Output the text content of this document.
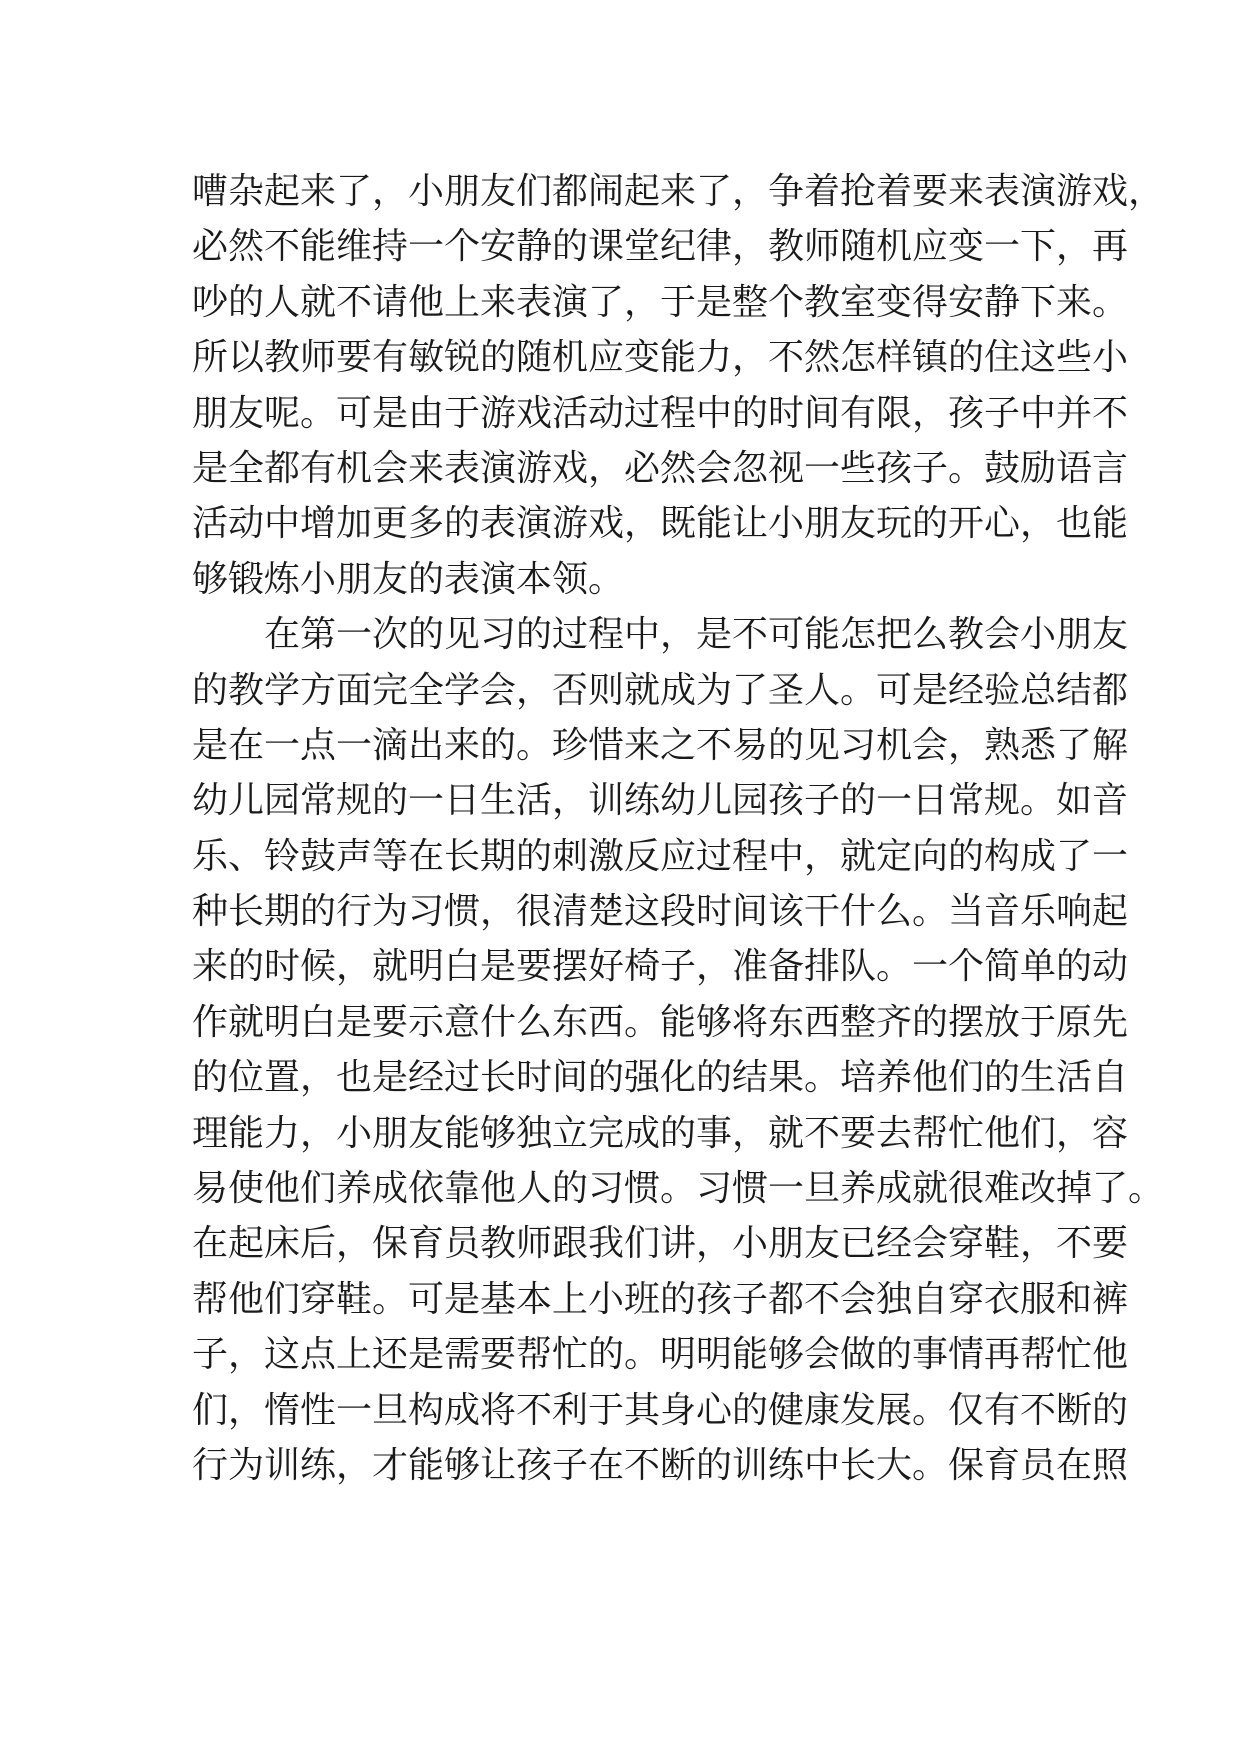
嘈杂起来了，小朋友们都闹起来了，争着抢着要来表演游戏，
必然不能维持一个安静的课堂纪律，教师随机应变一下，再
吵的人就不请他上来表演了，于是整个教室变得安静下来。
所以教师要有敏锐的随机应变能力，不然怎样镇的住这些小
朋友呢。可是由于游戏活动过程中的时间有限，孩子中并不
是全都有机会来表演游戏，必然会忽视一些孩子。鼓励语言
活动中增加更多的表演游戏，既能让小朋友玩的开心，也能
够锻炼小朋友的表演本领。
在第一次的见习的过程中，是不可能怎把么教会小朋友
的教学方面完全学会，否则就成为了圣人。可是经验总结都
是在一点一滴出来的。珍惜来之不易的见习机会，熟悉了解
幼儿园常规的一日生活，训练幼儿园孩子的一日常规。如音
乐、铃鼓声等在长期的刺激反应过程中，就定向的构成了一
种长期的行为习惯，很清楚这段时间该干什么。当音乐响起
来的时候，就明白是要摆好椅子，准备排队。一个简单的动
作就明白是要示意什么东西。能够将东西整齐的摆放于原先
的位置，也是经过长时间的强化的结果。培养他们的生活自
理能力，小朋友能够独立完成的事，就不要去帮忙他们，容
易使他们养成依靠他人的习惯。习惯一旦养成就很难改掉了。
在起床后，保育员教师跟我们讲，小朋友已经会穿鞋，不要
帮他们穿鞋。可是基本上小班的孩子都不会独自穿衣服和裤
子，这点上还是需要帮忙的。明明能够会做的事情再帮忙他
们，惰性一旦构成将不利于其身心的健康发展。仅有不断的
行为训练，才能够让孩子在不断的训练中长大。保育员在照
